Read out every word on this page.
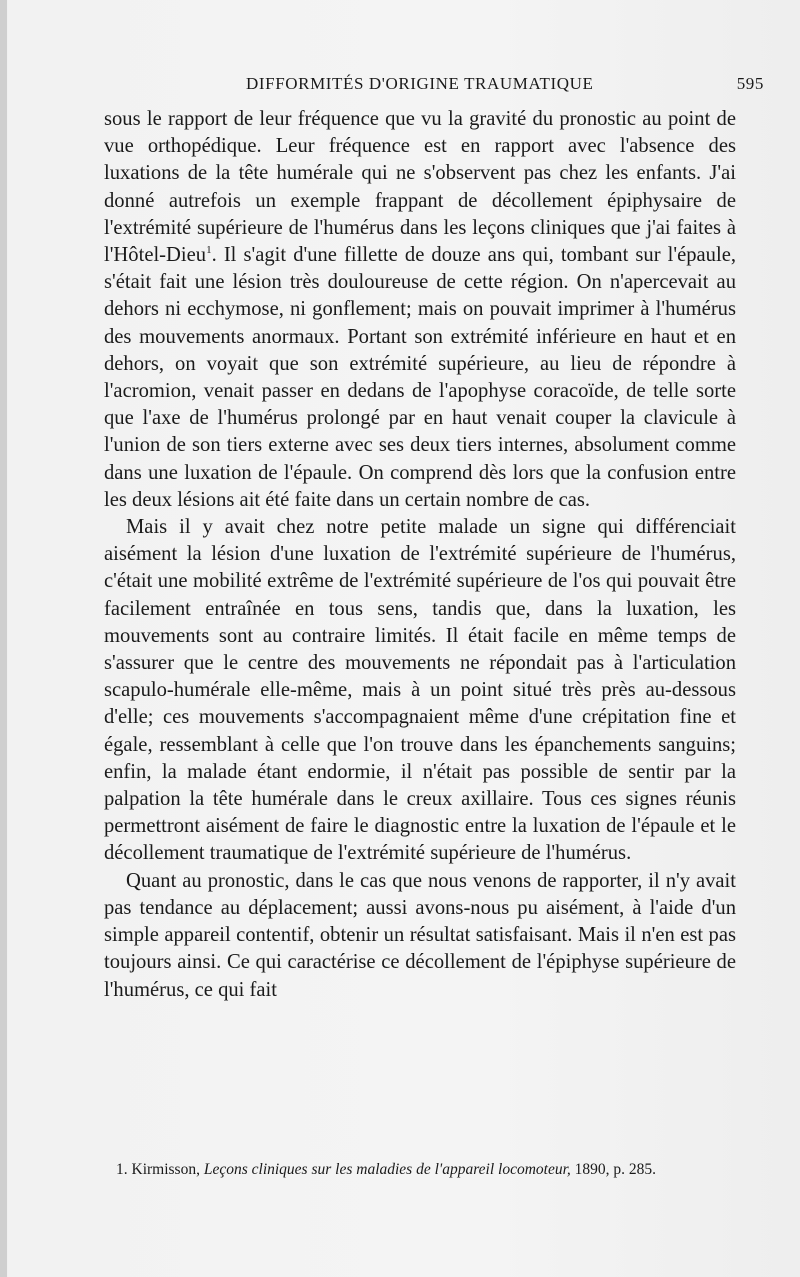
DIFFORMITÉS D'ORIGINE TRAUMATIQUE	595

sous le rapport de leur fréquence que vu la gravité du pronostic au point de vue orthopédique. Leur fréquence est en rapport avec l'absence des luxations de la tête humérale qui ne s'observent pas chez les enfants. J'ai donné autrefois un exemple frappant de décollement épiphysaire de l'extrémité supérieure de l'humérus dans les leçons cliniques que j'ai faites à l'Hôtel-Dieu$^1$. Il s'agit d'une fillette de douze ans qui, tombant sur l'épaule, s'était fait une lésion très douloureuse de cette région. On n'apercevait au dehors ni ecchymose, ni gonflement; mais on pouvait imprimer à l'humérus des mouvements anormaux. Portant son extrémité inférieure en haut et en dehors, on voyait que son extrémité supérieure, au lieu de répondre à l'acromion, venait passer en dedans de l'apophyse coracoïde, de telle sorte que l'axe de l'humérus prolongé par en haut venait couper la clavicule à l'union de son tiers externe avec ses deux tiers internes, absolument comme dans une luxation de l'épaule. On comprend dès lors que la confusion entre les deux lésions ait été faite dans un certain nombre de cas.

Mais il y avait chez notre petite malade un signe qui différenciait aisément la lésion d'une luxation de l'extrémité supérieure de l'humérus, c'était une mobilité extrême de l'extrémité supérieure de l'os qui pouvait être facilement entraînée en tous sens, tandis que, dans la luxation, les mouvements sont au contraire limités. Il était facile en même temps de s'assurer que le centre des mouvements ne répondait pas à l'articulation scapulo-humérale elle-même, mais à un point situé très près au-dessous d'elle; ces mouvements s'accompagnaient même d'une crépitation fine et égale, ressemblant à celle que l'on trouve dans les épanchements sanguins; enfin, la malade étant endormie, il n'était pas possible de sentir par la palpation la tête humérale dans le creux axillaire. Tous ces signes réunis permettront aisément de faire le diagnostic entre la luxation de l'épaule et le décollement traumatique de l'extrémité supérieure de l'humérus.

Quant au pronostic, dans le cas que nous venons de rapporter, il n'y avait pas tendance au déplacement; aussi avons-nous pu aisément, à l'aide d'un simple appareil contentif, obtenir un résultat satisfaisant. Mais il n'en est pas toujours ainsi. Ce qui caractérise ce décollement de l'épiphyse supérieure de l'humérus, ce qui fait

1. Kirmisson, Leçons cliniques sur les maladies de l'appareil locomoteur, 1890, p. 285.
